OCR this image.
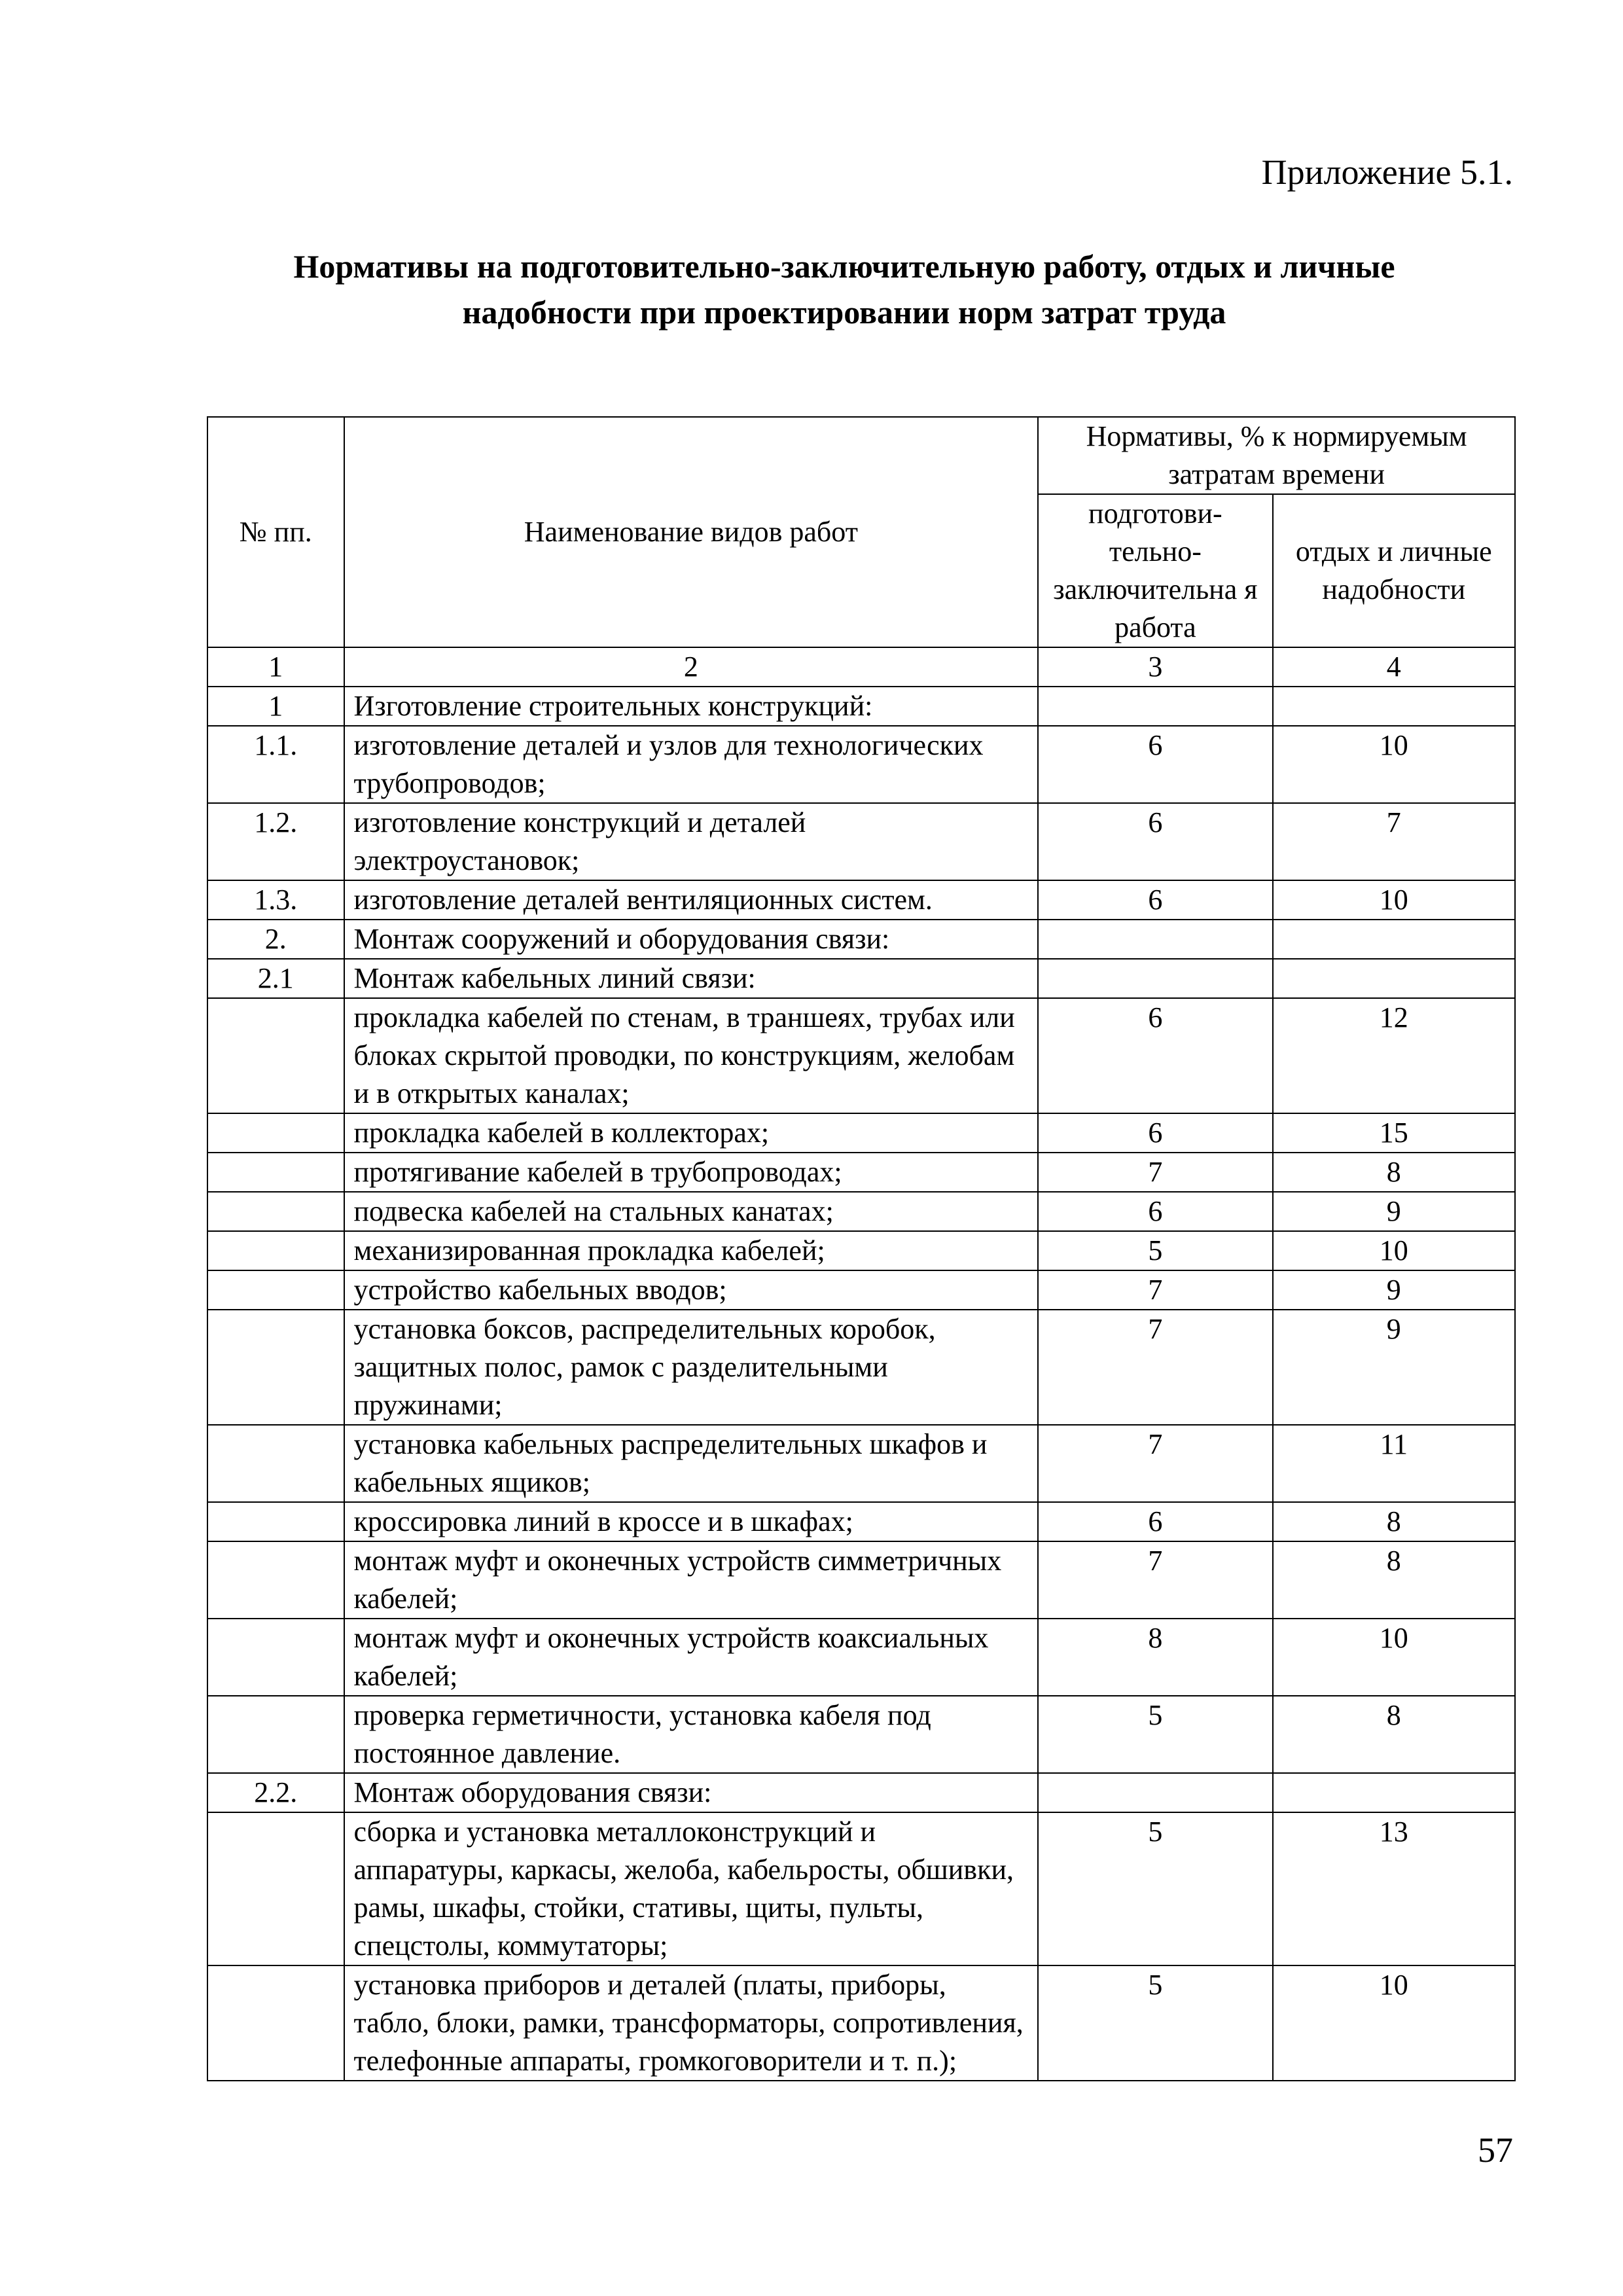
Приложение 5.1.
Нормативы на подготовительно-заключительную работу, отдых и личные
надобности при проектировании норм затрат труда
№ пп.	Наименование видов работ	Нормативы, % к нормируемым затратам времени	
		подготови- тельно- заключительна я работа	отдых и личные надобности
1	2	3	4
1	Изготовление строительных конструкций:		
1.1.	изготовление деталей и узлов для технологических трубопроводов;	6	10
1.2.	изготовление конструкций и деталей электроустановок;	6	7
1.3.	изготовление деталей вентиляционных систем.	6	10
2.	Монтаж сооружений и оборудования связи:		
2.1	Монтаж кабельных линий связи:		
	прокладка кабелей по стенам, в траншеях, трубах или блоках скрытой проводки, по конструкциям, желобам и в открытых каналах;	6	12
	прокладка кабелей в коллекторах;	6	15
	протягивание кабелей в трубопроводах;	7	8
	подвеска кабелей на стальных канатах;	6	9
	механизированная прокладка кабелей;	5	10
	устройство кабельных вводов;	7	9
	установка боксов, распределительных коробок, защитных полос, рамок с разделительными пружинами;	7	9
	установка кабельных распределительных шкафов и кабельных ящиков;	7	11
	кроссировка линий в кроссе и в шкафах;	6	8
	монтаж муфт и оконечных устройств симметричных кабелей;	7	8
	монтаж муфт и оконечных устройств коаксиальных кабелей;	8	10
	проверка герметичности, установка кабеля под постоянное давление.	5	8
2.2.	Монтаж оборудования связи:		
	сборка и установка металлоконструкций и аппаратуры, каркасы, желоба, кабельросты, обшивки, рамы, шкафы, стойки, стативы, щиты, пульты, спецстолы, коммутаторы;	5	13
	установка приборов и деталей (платы, приборы, табло, блоки, рамки, трансформаторы, сопротивления, телефонные аппараты, громкоговорители и т. п.);	5	10
57
